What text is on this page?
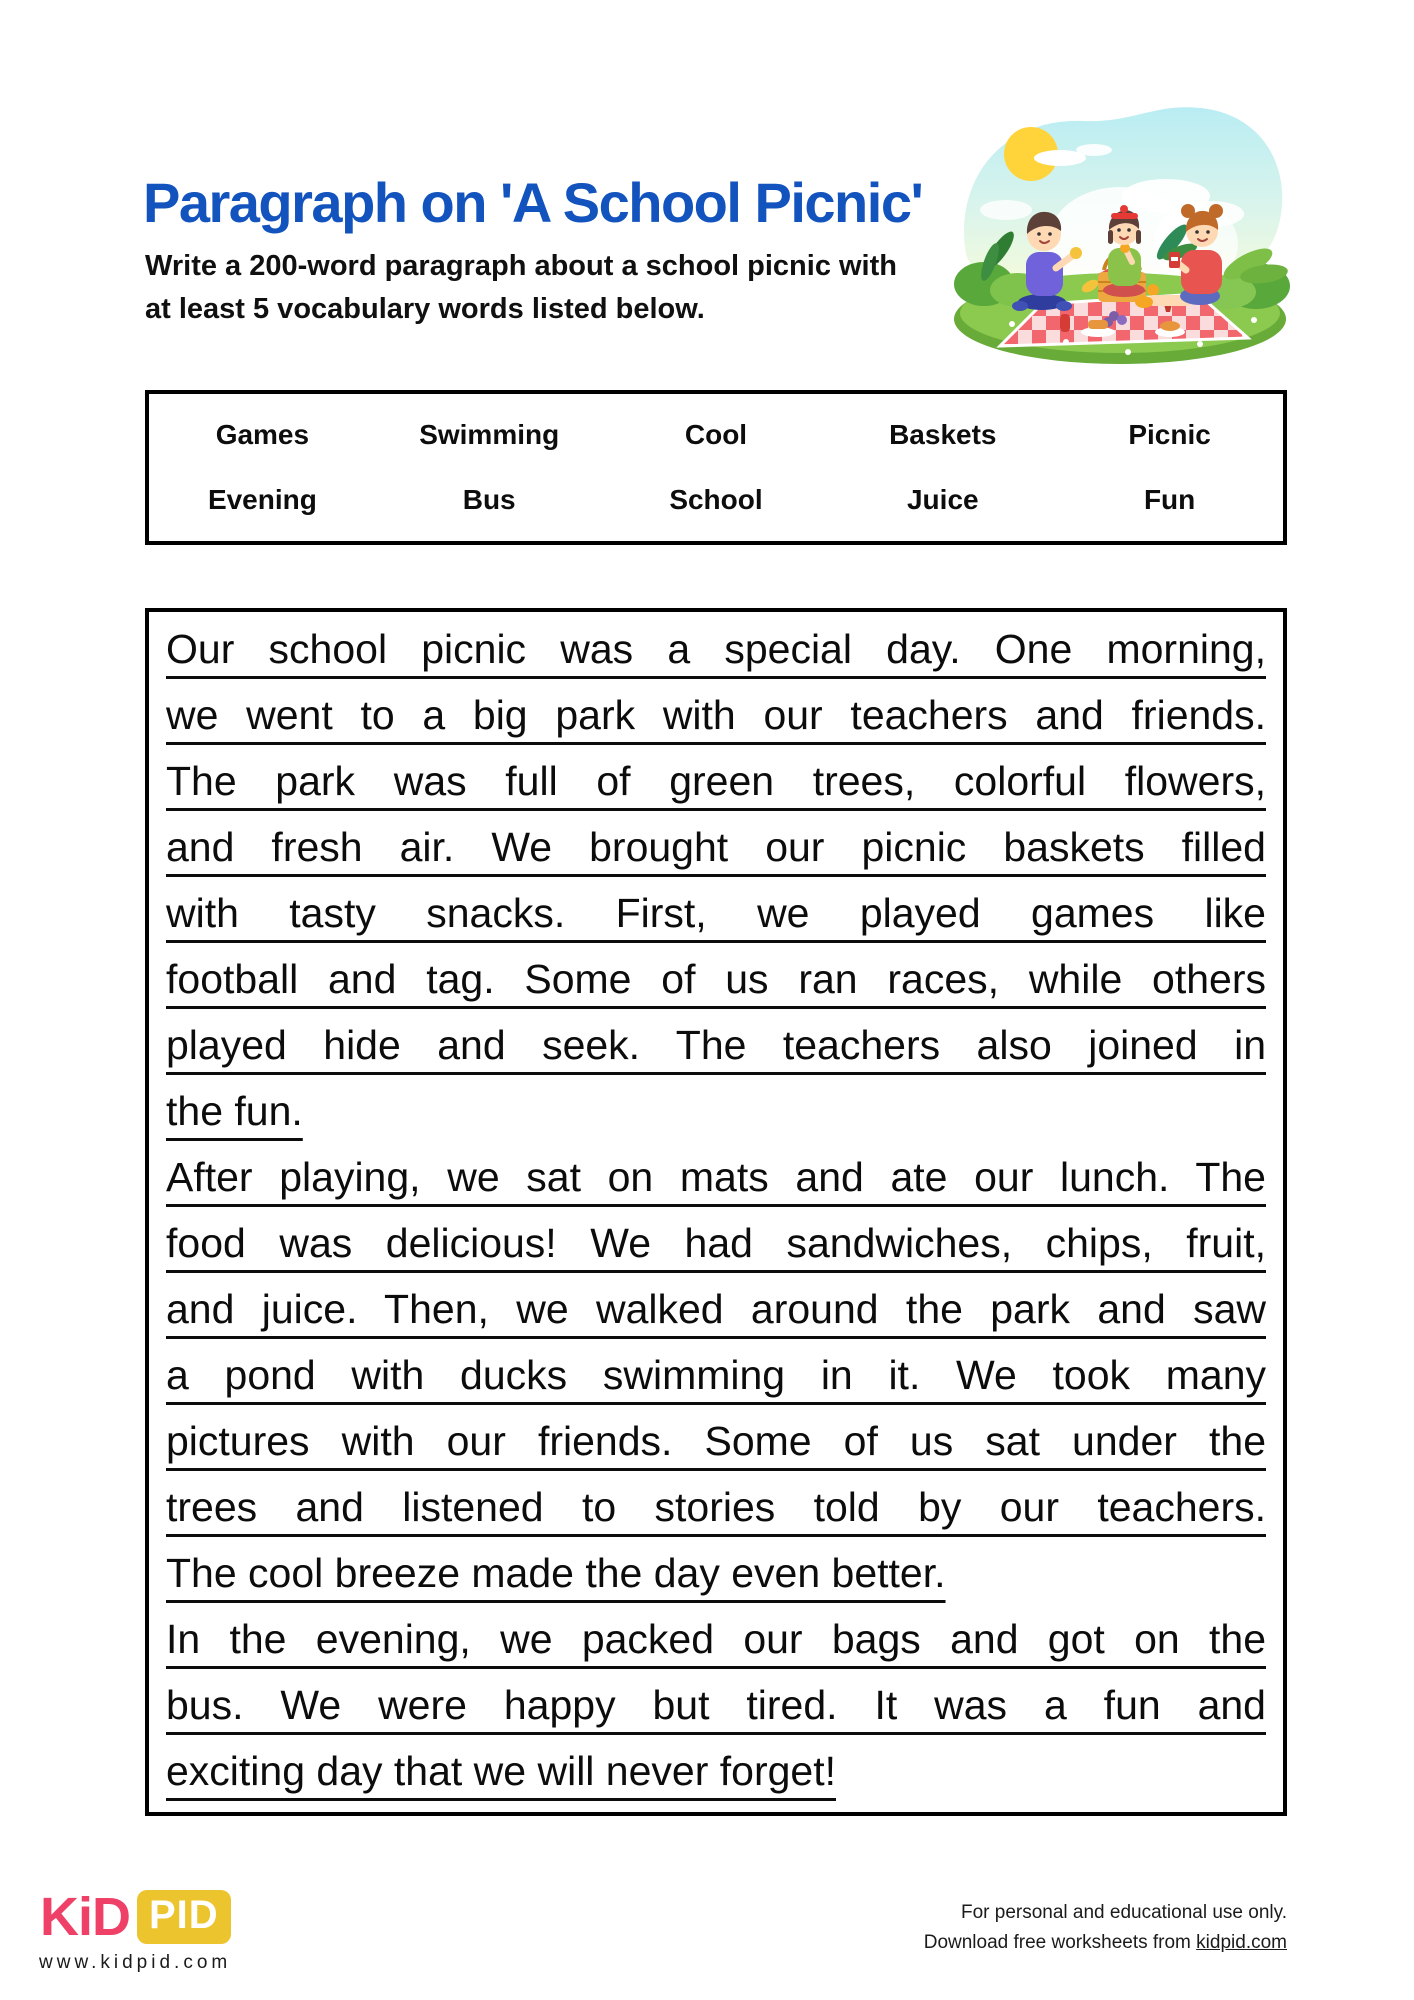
Paragraph on 'A School Picnic'
Write a 200-word paragraph about a school picnic with
at least 5 vocabulary words listed below.
Games	Swimming	Cool	Baskets	Picnic
Evening	Bus	School	Juice	Fun
Our school picnic was a special day. One morning,
we went to a big park with our teachers and friends.
The park was full of green trees, colorful flowers,
and fresh air. We brought our picnic baskets filled
with tasty snacks. First, we played games like
football and tag. Some of us ran races, while others
played hide and seek. The teachers also joined in
the fun.
After playing, we sat on mats and ate our lunch. The
food was delicious! We had sandwiches, chips, fruit,
and juice. Then, we walked around the park and saw
a pond with ducks swimming in it. We took many
pictures with our friends. Some of us sat under the
trees and listened to stories told by our teachers.
The cool breeze made the day even better.
In the evening, we packed our bags and got on the
bus. We were happy but tired. It was a fun and
exciting day that we will never forget!
KiD PID
www.kidpid.com
For personal and educational use only.
Download free worksheets from kidpid.com
